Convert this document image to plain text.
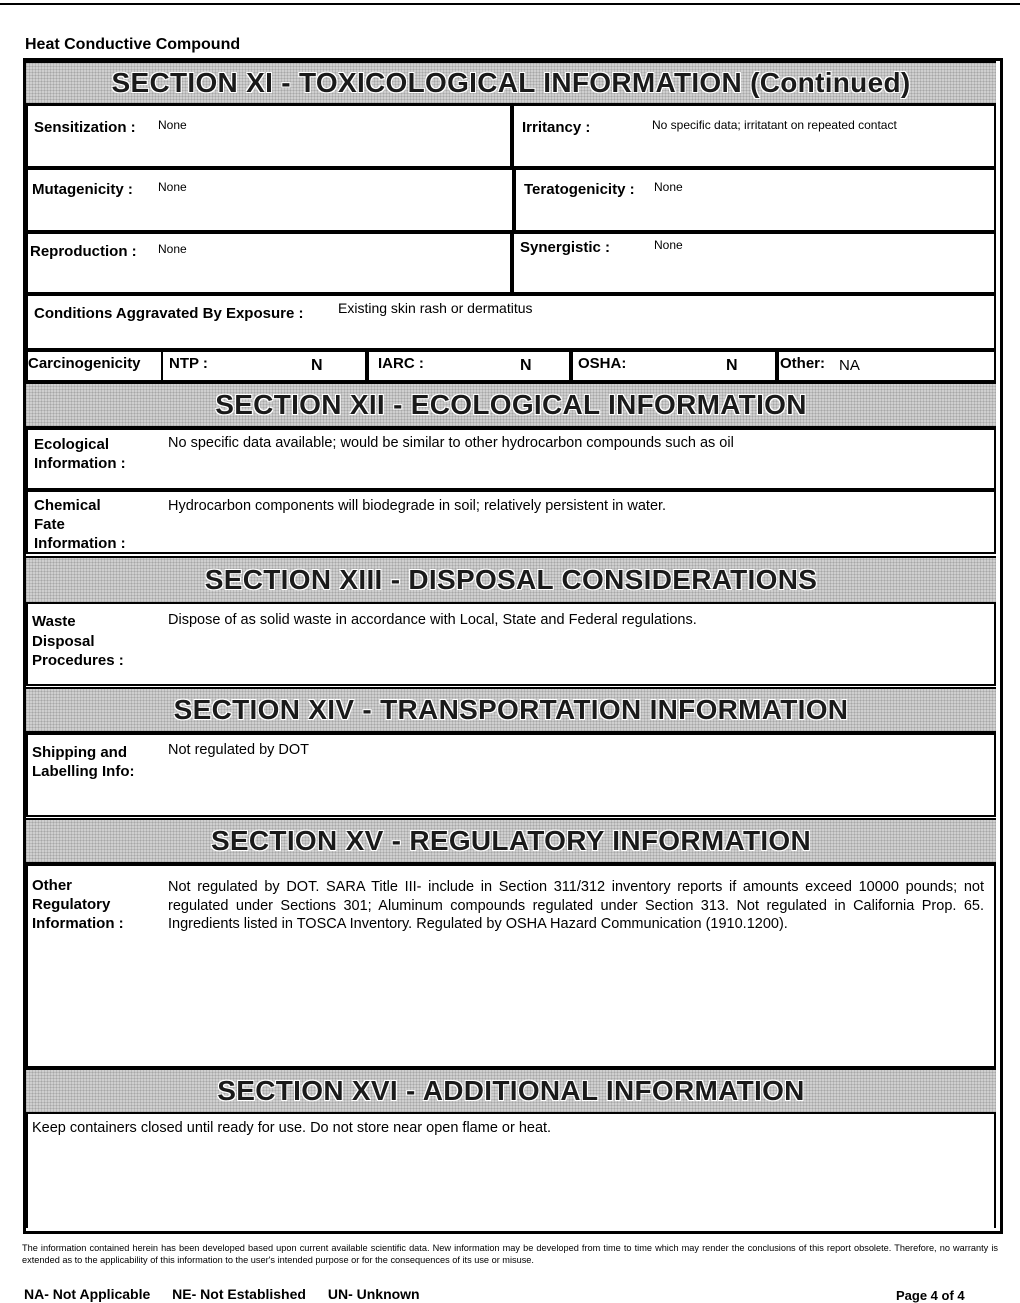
Heat Conductive Compound
SECTION XI - TOXICOLOGICAL INFORMATION (Continued)
Sensitization : None	Irritancy :	No specific data; irritatant on repeated contact
Mutagenicity : None	Teratogenicity : None
Reproduction : None	Synergistic :	None
Conditions Aggravated By Exposure : Existing skin rash or dermatitus
Carcinogenicity NTP :	N	IARC :	N	OSHA:	N	Other: NA
SECTION XII - ECOLOGICAL INFORMATION
Ecological
Information :
No specific data available; would be similar to other hydrocarbon compounds such as oil
Chemical
Fate
Information :
Hydrocarbon components will biodegrade in soil; relatively persistent in water.
SECTION XIII - DISPOSAL CONSIDERATIONS
Waste
Disposal
Procedures :
Dispose of as solid waste in accordance with Local, State and Federal regulations.
SECTION XIV - TRANSPORTATION INFORMATION
Shipping and
Labelling Info:
Not regulated by DOT
SECTION XV - REGULATORY INFORMATION
Other
Regulatory
Information :
Not regulated by DOT. SARA Title III- include in Section 311/312 inventory reports if amounts exceed 10000 pounds; not regulated under Sections 301; Aluminum compounds regulated under Section 313. Not regulated in California Prop. 65. Ingredients listed in TOSCA Inventory. Regulated by OSHA Hazard Communication (1910.1200).
SECTION XVI - ADDITIONAL INFORMATION
Keep containers closed until ready for use. Do not store near open flame or heat.
The information contained herein has been developed based upon current available scientific data. New information may be developed from time to time which may render the conclusions of this report obsolete. Therefore, no warranty is extended as to the applicability of this information to the user's intended purpose or for the consequences of its use or misuse.
NA- Not Applicable NE- Not Established UN- Unknown	Page 4 of 4
